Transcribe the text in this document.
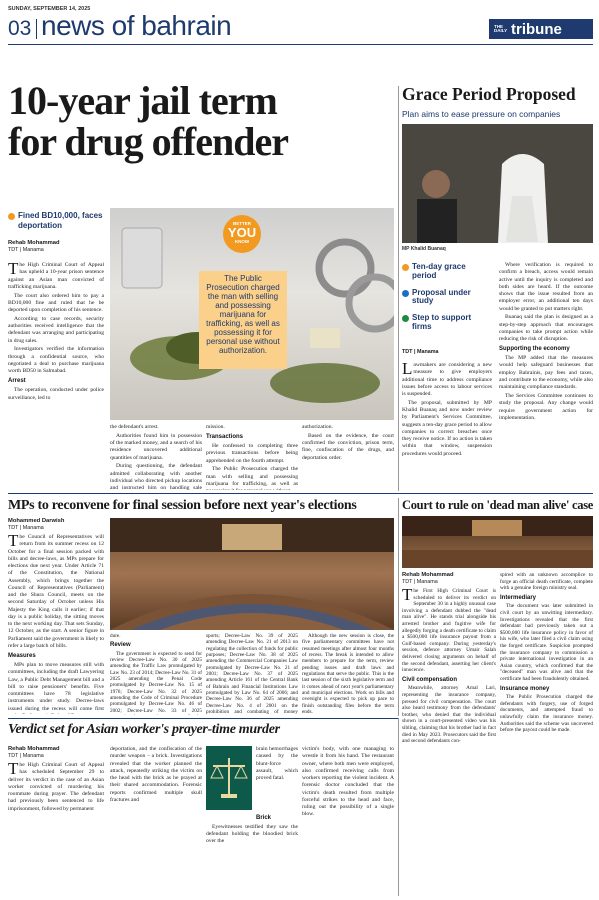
SUNDAY, SEPTEMBER 14, 2025
03 news of bahrain	THE DAILY tribune
10-year jail term
for drug offender
Fined BD10,000, faces deportation
Rehab Mohammad
TDT | Manama
T he High Criminal Court of Appeal has upheld a 10-year prison sentence against an Asian man convicted of trafficking marijuana.

The court also ordered him to pay a BD10,000 fine and ruled that he be deported upon completion of his sentence.

According to case records, security authorities received intelligence that the defendant was arranging and participating in drug sales.

Investigators verified the information through a confidential source, who negotiated a deal to purchase marijuana worth BD50 in Salmabad.

Arrest

The operation, conducted under police surveillance, led to

BETTER
YOU
KNOW
The Public Prosecution charged the man with selling and possessing marijuana for trafficking, as well as possessing it for personal use without authorization.

the defendant's arrest.

Authorities found him in possession of the marked money, and a search of his residence uncovered additional quantities of marijuana.

During questioning, the defendant admitted collaborating with another individual who directed pickup locations and instructed him on handling sale

mission.

Transactions

He confessed to completing three previous transactions before being apprehended on the fourth attempt.

The Public Prosecution charged the man with selling and possessing marijuana for trafficking, as well as

authorization.

Based on the evidence, the court confirmed the conviction, prison term, fine, confiscation of the drugs, and deportation order.

Grace Period Proposed
Plan aims to ease pressure on companies
MP Khalid Buanaq
Ten-day grace period
Proposal under study
Step to support firms
TDT | Manama
L awmakers are considering a new measure to give employers additional time to address compliance issues before access to labour services is suspended.

The proposal, submitted by MP Khalid Buanaq and now under review by Parliament's Services Committee, suggests a ten-day grace period to allow companies to correct breaches once they receive notice. If no action is taken within that window, suspension procedures would proceed.

Where verification is required to confirm a breach, access would remain active until the inquiry is completed and both sides are heard. If the outcome shows that the issue resulted from an employer error, an additional ten days would be granted to put matters right.

Buanaq said the plan is designed as a step-by-step approach that encourages companies to take prompt action while reducing the risk of disruption.

Supporting the economy

The MP added that the measures would help safeguard businesses that employ Bahrainis, pay fees and taxes, and contribute to the economy, while also maintaining compliance standards.

The Services Committee continues to study the proposal. Any change would require government action for implementation.

MPs to reconvene for final session before next year's elections
Mohammed Darwish
TDT | Manama
T he Council of Representatives will return from its summer recess on 12 October for a final session packed with bills and decree-laws, as MPs prepare for elections due next year. Under Article 71 of the Constitution, the National Assembly, which brings together the Council of Representatives (Parliament) and the Shura Council, meets on the second Saturday of October unless His Majesty the King calls it earlier; if that day is a public holiday, the sitting moves to the next working day. That sets Sunday, 12 October, as the start. A senior figure in Parliament said the government is likely to refer a large batch of bills.

Measures

MPs plan to move measures still with committees, including the draft Lawyering Law, a Public Debt Management bill and a bill to raise pensioners' benefits. Five committees have 78 legislative instruments under study. Decree-laws issued during the recess will come first

dure.

Review

The government is expected to send for review Decree-Law No. 30 of 2025 amending the Traffic Law promulgated by Law No. 23 of 2014; Decree-Law No. 31 of 2025 amending the Penal Code promulgated by Decree-Law No. 15 of 1976; Decree-Law No. 32 of 2025 amending the Code of Criminal Procedure promulgated by Decree-Law No. 46 of 2002; Decree-Law No. 33 of 2025

sports; Decree-Law No. 39 of 2025 amending Decree-Law No. 21 of 2013 on regulating the collection of funds for public purposes; Decree-Law No. 38 of 2025 amending the Commercial Companies Law promulgated by Decree-Law No. 21 of 2001; Decree-Law No. 37 of 2025 amending Article 161 of the Central Bank of Bahrain and Financial Institutions Law promulgated by Law No. 64 of 2006; and Decree-Law No. 36 of 2025 amending Decree-Law No. 4 of 2001 on the prohibition and combating of money

Although the new session is close, the five parliamentary committees have not resumed meetings after almost four months of recess. The break is intended to allow members to prepare for the term, review pending issues and draft laws and regulations that serve the public. This is the last session of the sixth legislative term and it comes ahead of next year's parliamentary and municipal elections. Work on bills and oversight is expected to pick up pace to finish outstanding files before the term ends.

Court to rule on 'dead man alive' case
Rehab Mohammad
TDT | Manama
T he First High Criminal Court is scheduled to deliver its verdict on September 30 in a highly unusual case involving a defendant dubbed the "dead man alive". He stands trial alongside his arrested brother and fugitive wife for allegedly forging a death certificate to claim a $500,000 life insurance payout from a Gulf-based company. During yesterday's session, defence attorney Umair Salah delivered closing arguments on behalf of the second defendant, asserting her client's innocence.

Civil compensation

Meanwhile, attorney Amal Lari, representing the insurance company, pressed for civil compensation. The court also heard testimony from the defendants' brother, who denied that the individual shown in a court-presented video was his sibling, claiming that his brother had in fact died in May 2023. Prosecutors said the first and second defendants con-

spired with an unknown accomplice to forge an official death certificate, complete with a genuine foreign ministry seal.

Intermediary

The document was later submitted in civil court by an unwitting intermediary. Investigations revealed that the first defendant had previously taken out a $500,000 life insurance policy in favor of his wife, who later filed a civil claim using the forged certificate. Suspicion prompted the insurance company to commission a private international investigation in an Asian country, which confirmed that the "deceased" man was alive and that the certificate had been fraudulently obtained.

Insurance money

The Public Prosecution charged the defendants with forgery, use of forged documents, and attempted fraud to unlawfully claim the insurance money. Authorities said the scheme was uncovered before the payout could be made.

Verdict set for Asian worker's prayer-time murder
Rehab Mohammad
TDT | Manama
T he High Criminal Court of Appeal has scheduled September 29 to deliver its verdict in the case of an Asian worker convicted of murdering his roommate during prayer. The defendant had previously been sentenced to life imprisonment, followed by permanent

deportation, and the confiscation of the murder weapon – a brick. Investigations revealed that the worker planned the attack, repeatedly striking the victim on the head with the brick as he prayed at their shared accommodation. Forensic reports confirmed multiple skull fractures and

brain hemorrhages caused by the blunt-force assault, which proved fatal.

Brick

Eyewitnesses testified they saw the defendant holding the bloodied brick over the

victim's body, with one managing to wrestle it from his hand. The restaurant owner, where both men were employed, also confirmed receiving calls from workers reporting the violent incident. A forensic doctor concluded that the victim's death resulted from multiple forceful strikes to the head and face, ruling out the possibility of a single blow.
